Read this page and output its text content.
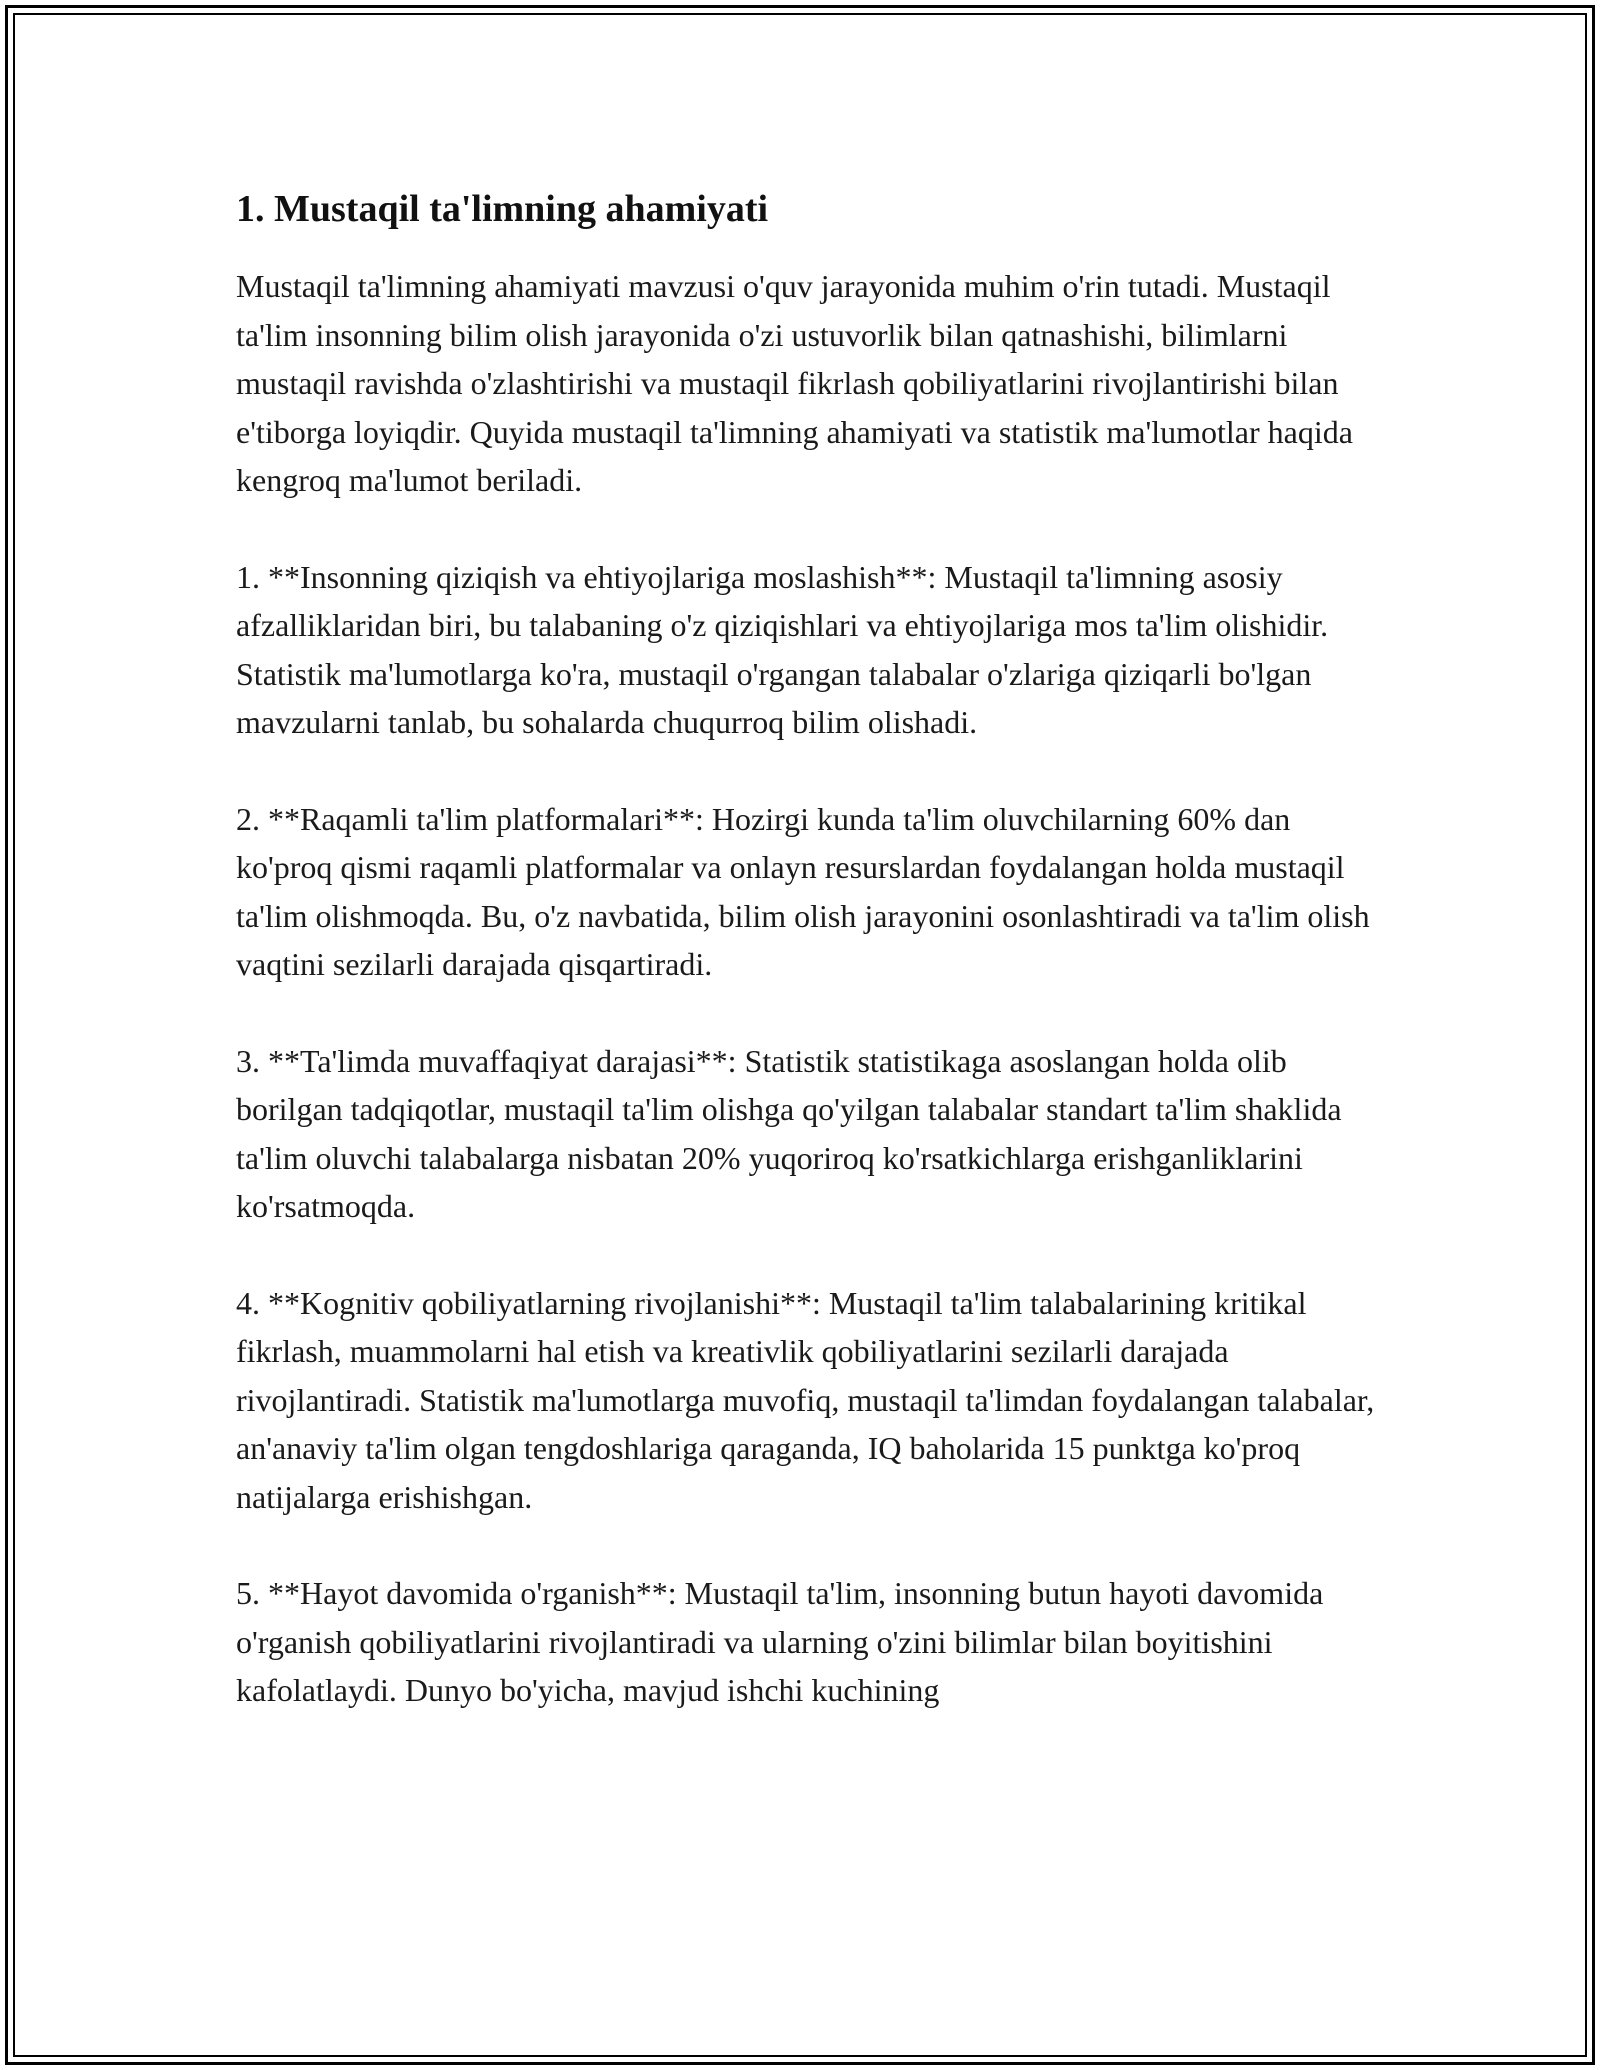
1. Mustaqil ta'limning ahamiyati

Mustaqil ta'limning ahamiyati mavzusi o'quv jarayonida muhim o'rin tutadi. Mustaqil ta'lim insonning bilim olish jarayonida o'zi ustuvorlik bilan qatnashishi, bilimlarni mustaqil ravishda o'zlashtirishi va mustaqil fikrlash qobiliyatlarini rivojlantirishi bilan e'tiborga loyiqdir. Quyida mustaqil ta'limning ahamiyati va statistik ma'lumotlar haqida kengroq ma'lumot beriladi.

1. **Insonning qiziqish va ehtiyojlariga moslashish**: Mustaqil ta'limning asosiy afzalliklaridan biri, bu talabaning o'z qiziqishlari va ehtiyojlariga mos ta'lim olishidir. Statistik ma'lumotlarga ko'ra, mustaqil o'rgangan talabalar o'zlariga qiziqarli bo'lgan mavzularni tanlab, bu sohalarda chuqurroq bilim olishadi.

2. **Raqamli ta'lim platformalari**: Hozirgi kunda ta'lim oluvchilarning 60% dan ko'proq qismi raqamli platformalar va onlayn resurslardan foydalangan holda mustaqil ta'lim olishmoqda. Bu, o'z navbatida, bilim olish jarayonini osonlashtiradi va ta'lim olish vaqtini sezilarli darajada qisqartiradi.

3. **Ta'limda muvaffaqiyat darajasi**: Statistik statistikaga asoslangan holda olib borilgan tadqiqotlar, mustaqil ta'lim olishga qo'yilgan talabalar standart ta'lim shaklida ta'lim oluvchi talabalarga nisbatan 20% yuqoriroq ko'rsatkichlarga erishganliklarini ko'rsatmoqda.

4. **Kognitiv qobiliyatlarning rivojlanishi**: Mustaqil ta'lim talabalarining kritikal fikrlash, muammolarni hal etish va kreativlik qobiliyatlarini sezilarli darajada rivojlantiradi. Statistik ma'lumotlarga muvofiq, mustaqil ta'limdan foydalangan talabalar, an'anaviy ta'lim olgan tengdoshlariga qaraganda, IQ baholarida 15 punktga ko'proq natijalarga erishishgan.

5. **Hayot davomida o'rganish**: Mustaqil ta'lim, insonning butun hayoti davomida o'rganish qobiliyatlarini rivojlantiradi va ularning o'zini bilimlar bilan boyitishini kafolatlaydi. Dunyo bo'yicha, mavjud ishchi kuchining
